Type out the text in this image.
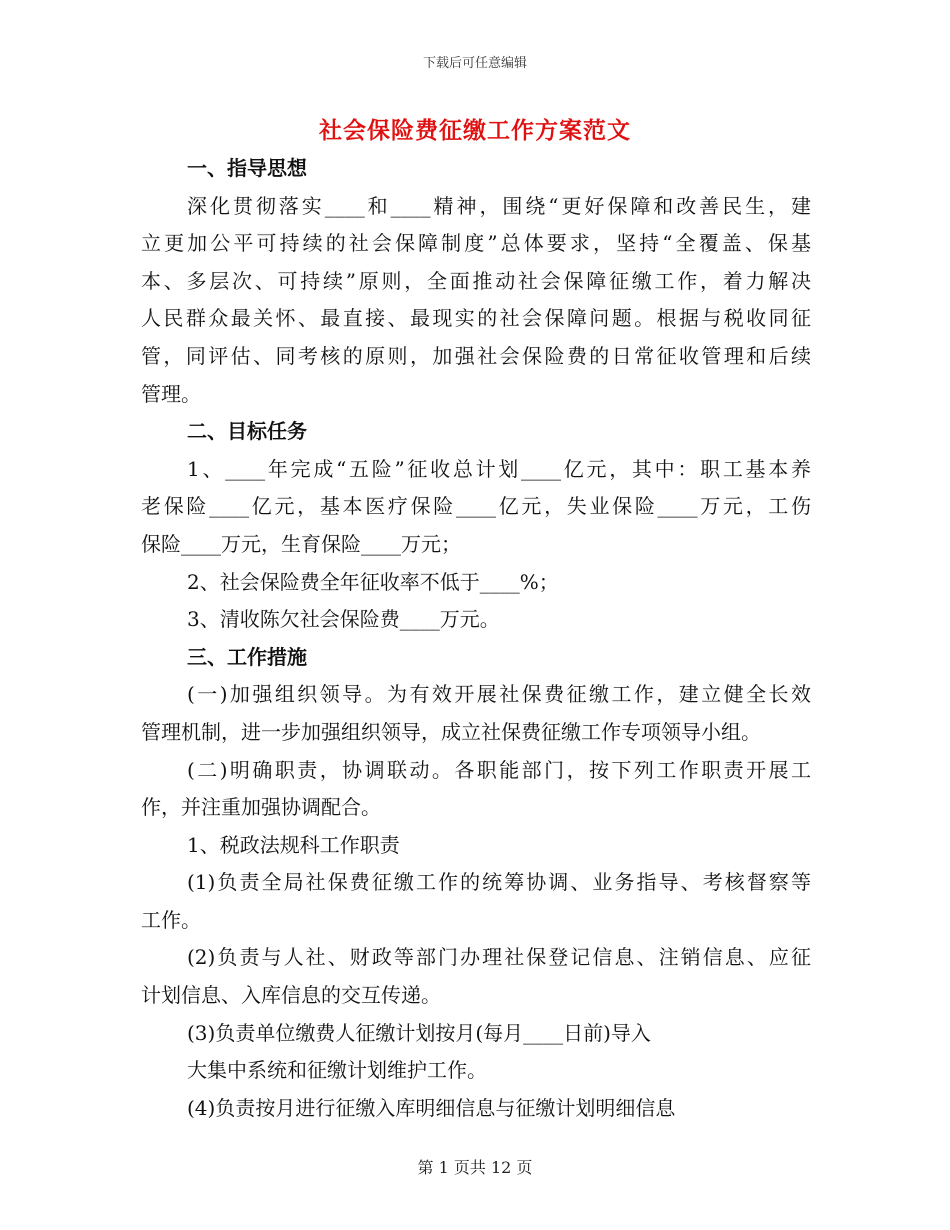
下载后可任意编辑
社会保险费征缴工作方案范文
一、指导思想
深化贯彻落实____和____精神，围绕“更好保障和改善民生，建
立更加公平可持续的社会保障制度”总体要求，坚持“全覆盖、保基
本、多层次、可持续”原则，全面推动社会保障征缴工作，着力解决
人民群众最关怀、最直接、最现实的社会保障问题。根据与税收同征
管，同评估、同考核的原则，加强社会保险费的日常征收管理和后续
管理。
二、目标任务
1、____年完成“五险”征收总计划____亿元，其中：职工基本养
老保险____亿元，基本医疗保险____亿元，失业保险____万元，工伤
保险____万元，生育保险____万元；
2、社会保险费全年征收率不低于____%；
3、清收陈欠社会保险费____万元。
三、工作措施
(一)加强组织领导。为有效开展社保费征缴工作，建立健全长效
管理机制，进一步加强组织领导，成立社保费征缴工作专项领导小组。
(二)明确职责，协调联动。各职能部门，按下列工作职责开展工
作，并注重加强协调配合。
1、税政法规科工作职责
(1)负责全局社保费征缴工作的统筹协调、业务指导、考核督察等
工作。
(2)负责与人社、财政等部门办理社保登记信息、注销信息、应征
计划信息、入库信息的交互传递。
(3)负责单位缴费人征缴计划按月(每月____日前)导入
大集中系统和征缴计划维护工作。
(4)负责按月进行征缴入库明细信息与征缴计划明细信息
第 1 页共 12 页
